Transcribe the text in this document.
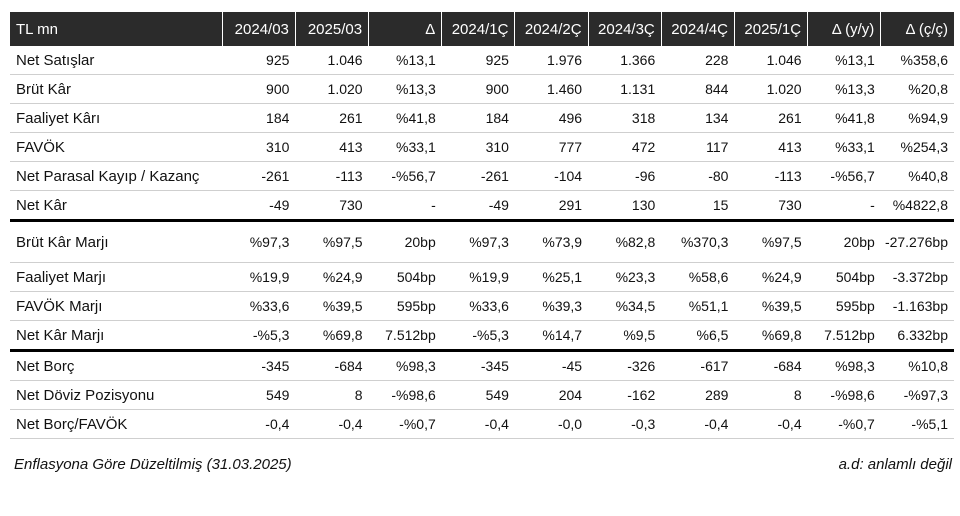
TL mn	2024/03	2025/03	Δ	2024/1Ç	2024/2Ç	2024/3Ç	2024/4Ç	2025/1Ç	Δ (y/y)	Δ (ç/ç)
Net Satışlar	925	1.046	%13,1	925	1.976	1.366	228	1.046	%13,1	%358,6
Brüt Kâr	900	1.020	%13,3	900	1.460	1.131	844	1.020	%13,3	%20,8
Faaliyet Kârı	184	261	%41,8	184	496	318	134	261	%41,8	%94,9
FAVÖK	310	413	%33,1	310	777	472	117	413	%33,1	%254,3
Net Parasal Kayıp / Kazanç	-261	-113	-%56,7	-261	-104	-96	-80	-113	-%56,7	%40,8
Net Kâr	-49	730	-	-49	291	130	15	730	-	%4822,8
Brüt Kâr Marjı	%97,3	%97,5	20bp	%97,3	%73,9	%82,8	%370,3	%97,5	20bp	-27.276bp
Faaliyet Marjı	%19,9	%24,9	504bp	%19,9	%25,1	%23,3	%58,6	%24,9	504bp	-3.372bp
FAVÖK Marjı	%33,6	%39,5	595bp	%33,6	%39,3	%34,5	%51,1	%39,5	595bp	-1.163bp
Net Kâr Marjı	-%5,3	%69,8	7.512bp	-%5,3	%14,7	%9,5	%6,5	%69,8	7.512bp	6.332bp
Net Borç	-345	-684	%98,3	-345	-45	-326	-617	-684	%98,3	%10,8
Net Döviz Pozisyonu	549	8	-%98,6	549	204	-162	289	8	-%98,6	-%97,3
Net Borç/FAVÖK	-0,4	-0,4	-%0,7	-0,4	-0,0	-0,3	-0,4	-0,4	-%0,7	-%5,1
Enflasyona Göre Düzeltilmiş (31.03.2025)	a.d: anlamlı değil
